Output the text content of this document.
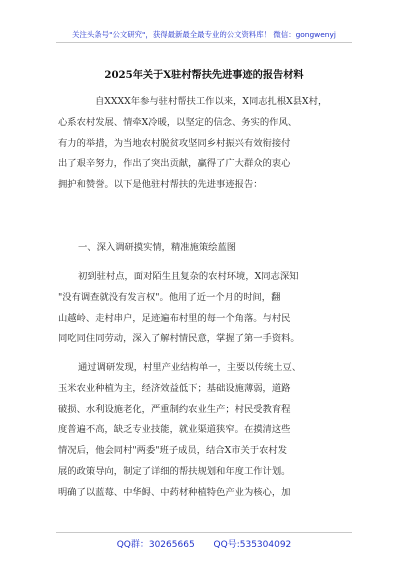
关注头条号"公文研究"，获得最新最全最专业的公文资料库！ 微信：gongwenyj
2025年关于X驻村帮扶先进事迹的报告材料
自XXXX年参与驻村帮扶工作以来，X同志扎根X县X村，
心系农村发展、情牵X冷暖，以坚定的信念、务实的作风、
有力的举措，为当地农村脱贫攻坚同乡村振兴有效衔接付
出了艰辛努力，作出了突出贡献，赢得了广大群众的衷心
拥护和赞誉。以下是他驻村帮扶的先进事迹报告：
一、深入调研摸实情，精准施策绘蓝图
初到驻村点，面对陌生且复杂的农村环境，X同志深知
"没有调查就没有发言权"。他用了近一个月的时间，翻
山越岭、走村串户，足迹遍布村里的每一个角落。与村民
同吃同住同劳动，深入了解村情民意，掌握了第一手资料。
通过调研发现，村里产业结构单一，主要以传统土豆、
玉米农业种植为主，经济效益低下；基础设施薄弱，道路
破损、水利设施老化，严重制约农业生产；村民受教育程
度普遍不高，缺乏专业技能，就业渠道狭窄。在摸清这些
情况后，他会同村"两委"班子成员，结合X市关于农村发
展的政策导向，制定了详细的帮扶规划和年度工作计划。
明确了以蓝莓、中华鲟、中药材种植特色产业为核心，加
QQ群：30265665 QQ号:535304092
